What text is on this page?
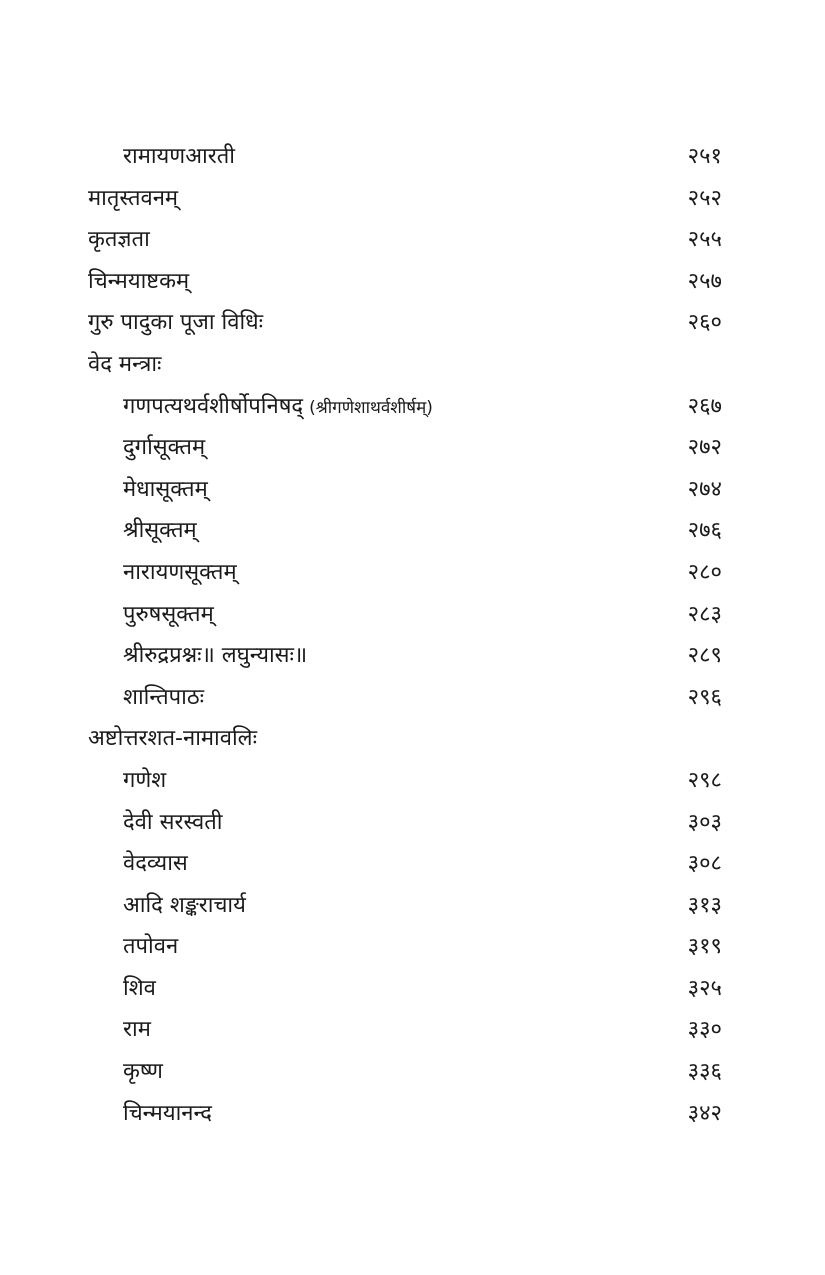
रामायणआरती	२५१
मातृस्तवनम्	२५२
कृतज्ञता	२५५
चिन्मयाष्टकम्	२५७
गुरु पादुका पूजा विधिः	२६०
वेद मन्त्राः
गणपत्यथर्वशीर्षोपनिषद् (श्रीगणेशाथर्वशीर्षम्)	२६७
दुर्गासूक्तम्	२७२
मेधासूक्तम्	२७४
श्रीसूक्तम्	२७६
नारायणसूक्तम्	२८०
पुरुषसूक्तम्	२८३
श्रीरुद्रप्रश्नः॥ लघुन्यासः॥	२८९
शान्तिपाठः	२९६
अष्टोत्तरशत-नामावलिः
गणेश	२९८
देवी सरस्वती	३०३
वेदव्यास	३०८
आदि शङ्कराचार्य	३१३
तपोवन	३१९
शिव	३२५
राम	३३०
कृष्ण	३३६
चिन्मयानन्द	३४२
